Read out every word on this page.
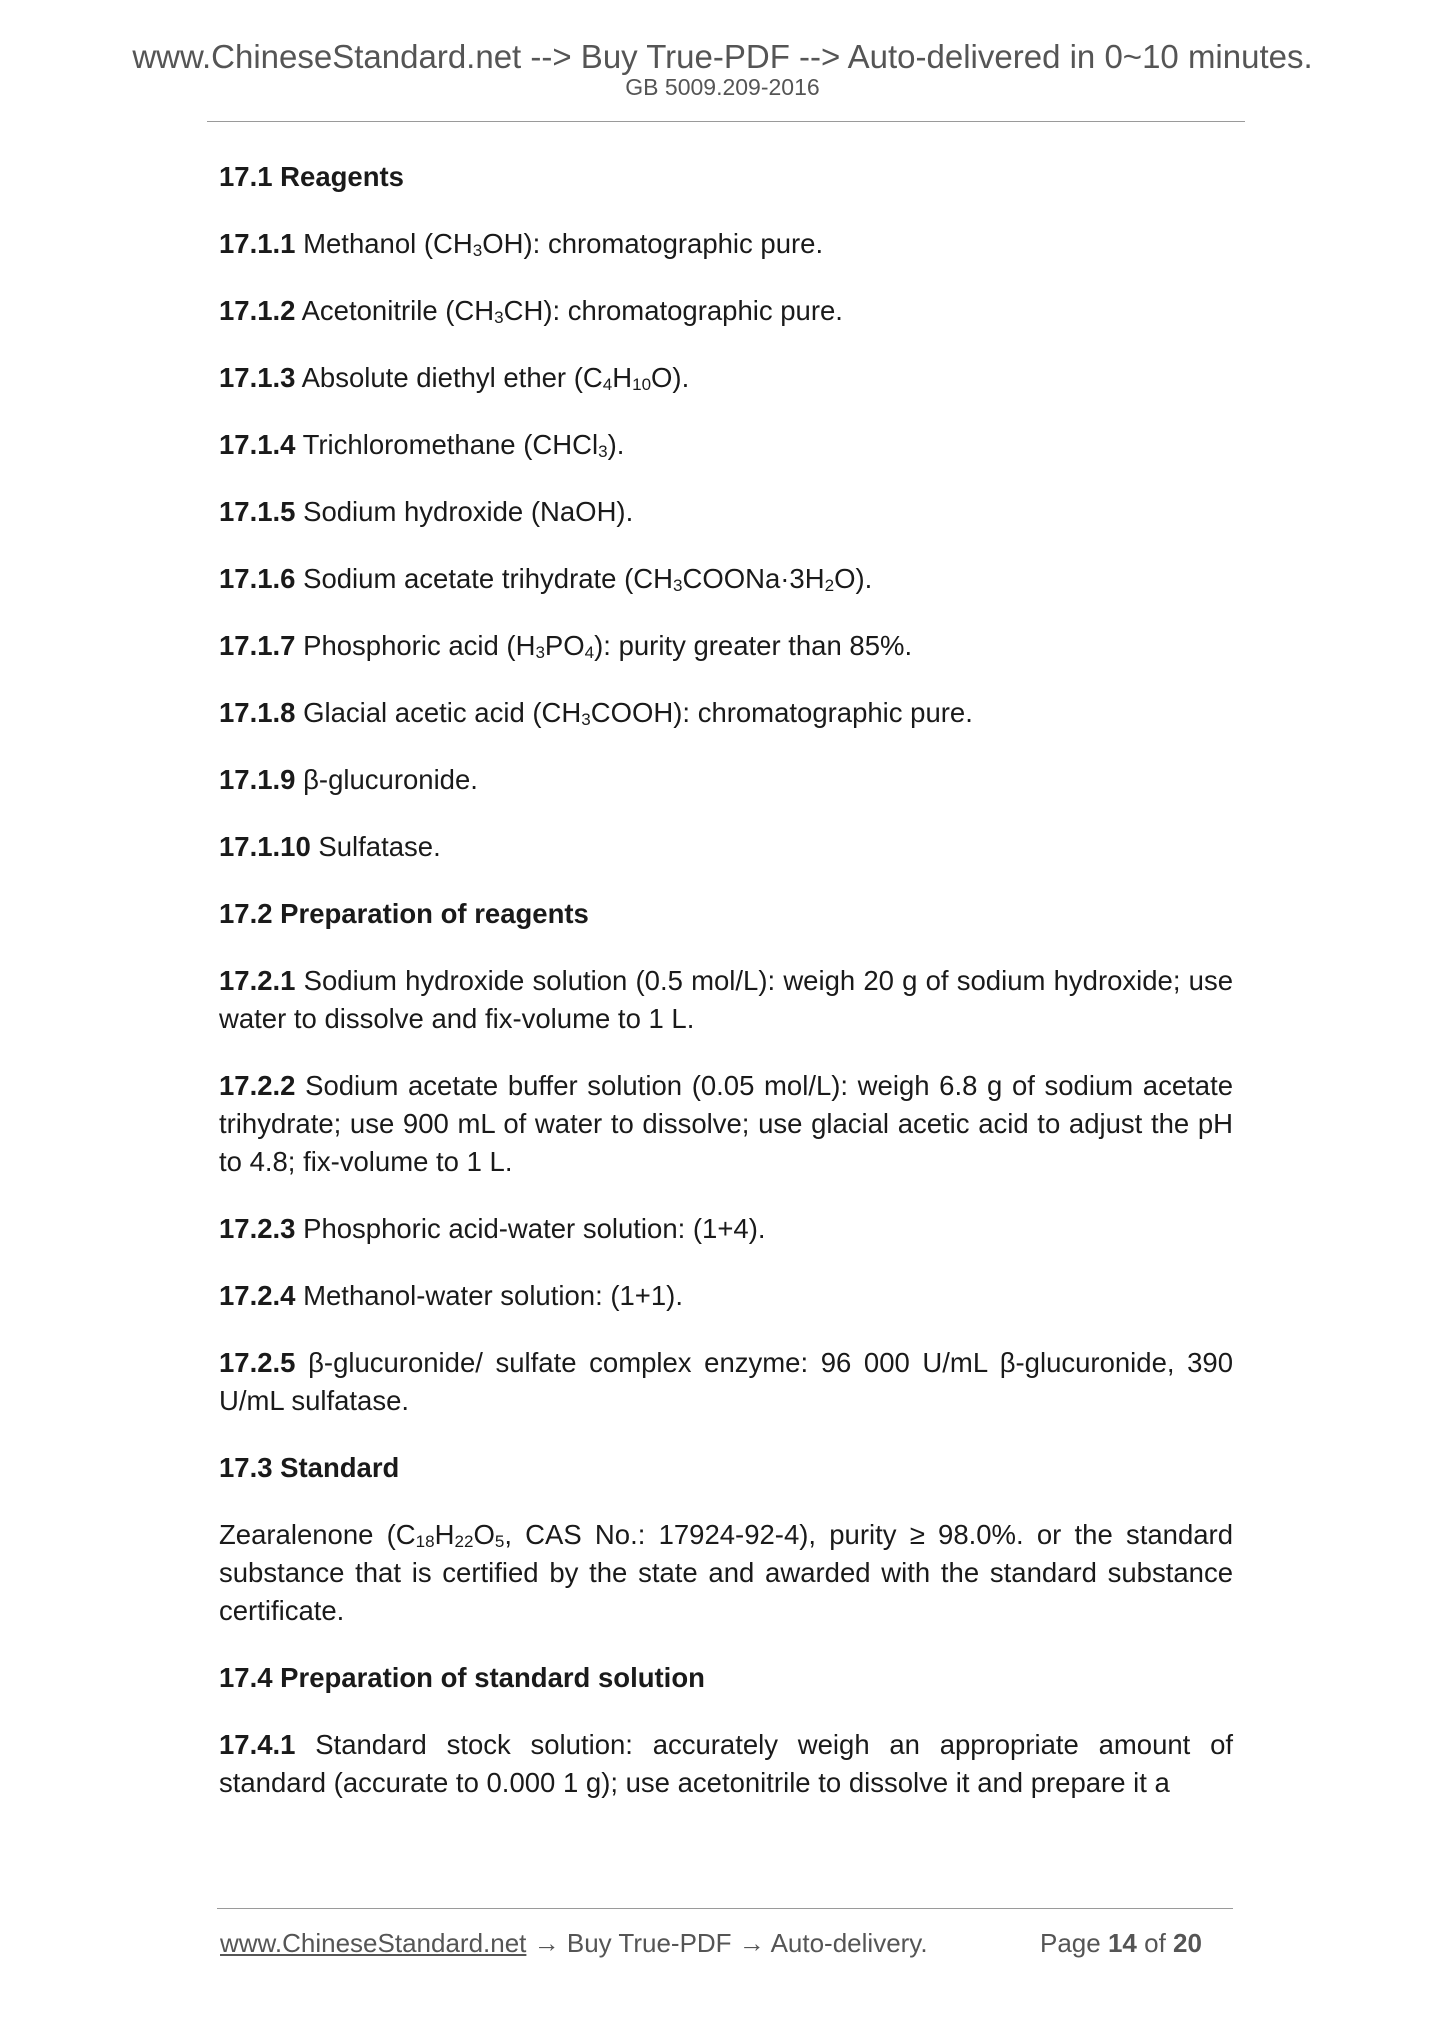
www.ChineseStandard.net --> Buy True-PDF --> Auto-delivered in 0~10 minutes.
GB 5009.209-2016

17.1 Reagents

17.1.1 Methanol $(CH_3OH)$: chromatographic pure.

17.1.2 Acetonitrile $(CH_3CH)$: chromatographic pure.

17.1.3 Absolute diethyl ether $(C_4H_{10}O)$.

17.1.4 Trichloromethane (CHCl$_3$).

17.1.5 Sodium hydroxide (NaOH).

17.1.6 Sodium acetate trihydrate $(CH_3COONa\cdot 3H_2O)$.

17.1.7 Phosphoric acid $(H_3PO_4)$: purity greater than 85%.

17.1.8 Glacial acetic acid $(CH_3COOH)$: chromatographic pure.

17.1.9 β-glucuronide.

17.1.10 Sulfatase.

17.2 Preparation of reagents

17.2.1 Sodium hydroxide solution (0.5 mol/L): weigh 20 g of sodium hydroxide; use water to dissolve and fix-volume to 1 L.

17.2.2 Sodium acetate buffer solution (0.05 mol/L): weigh 6.8 g of sodium acetate trihydrate; use 900 mL of water to dissolve; use glacial acetic acid to adjust the pH to 4.8; fix-volume to 1 L.

17.2.3 Phosphoric acid-water solution: (1+4).

17.2.4 Methanol-water solution: (1+1).

17.2.5 β-glucuronide/ sulfate complex enzyme: 96 000 U/mL β-glucuronide, 390 U/mL sulfatase.

17.3 Standard

Zearalenone ($C_{18}H_{22}O_5$, CAS No.: 17924-92-4), purity ≥ 98.0%. or the standard substance that is certified by the state and awarded with the standard substance certificate.

17.4 Preparation of standard solution

17.4.1 Standard stock solution: accurately weigh an appropriate amount of standard (accurate to 0.000 1 g); use acetonitrile to dissolve it and prepare it a

www.ChineseStandard.net → Buy True-PDF → Auto-delivery.	Page 14 of 20
